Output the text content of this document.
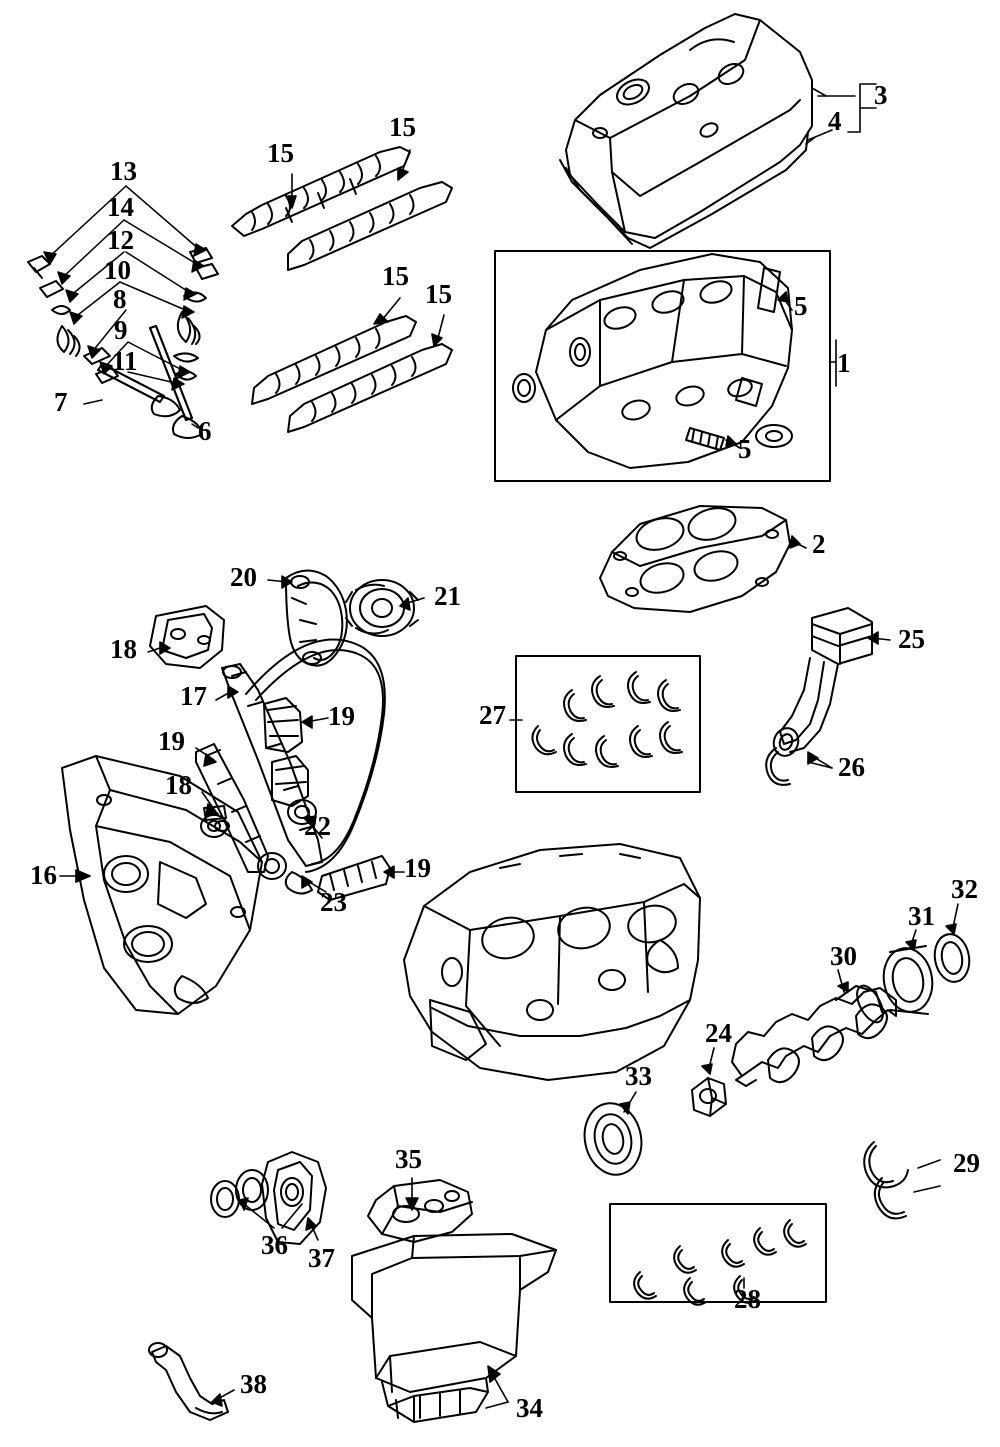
3
4
13
15
15
14
12
10
8
9
11
7
6
15
15	5
1
5
2
20
21
18
17
19
19
25
27
26
18
22
19
16
23	32
31
30
24
33
29
35
36 37
28
38
34
